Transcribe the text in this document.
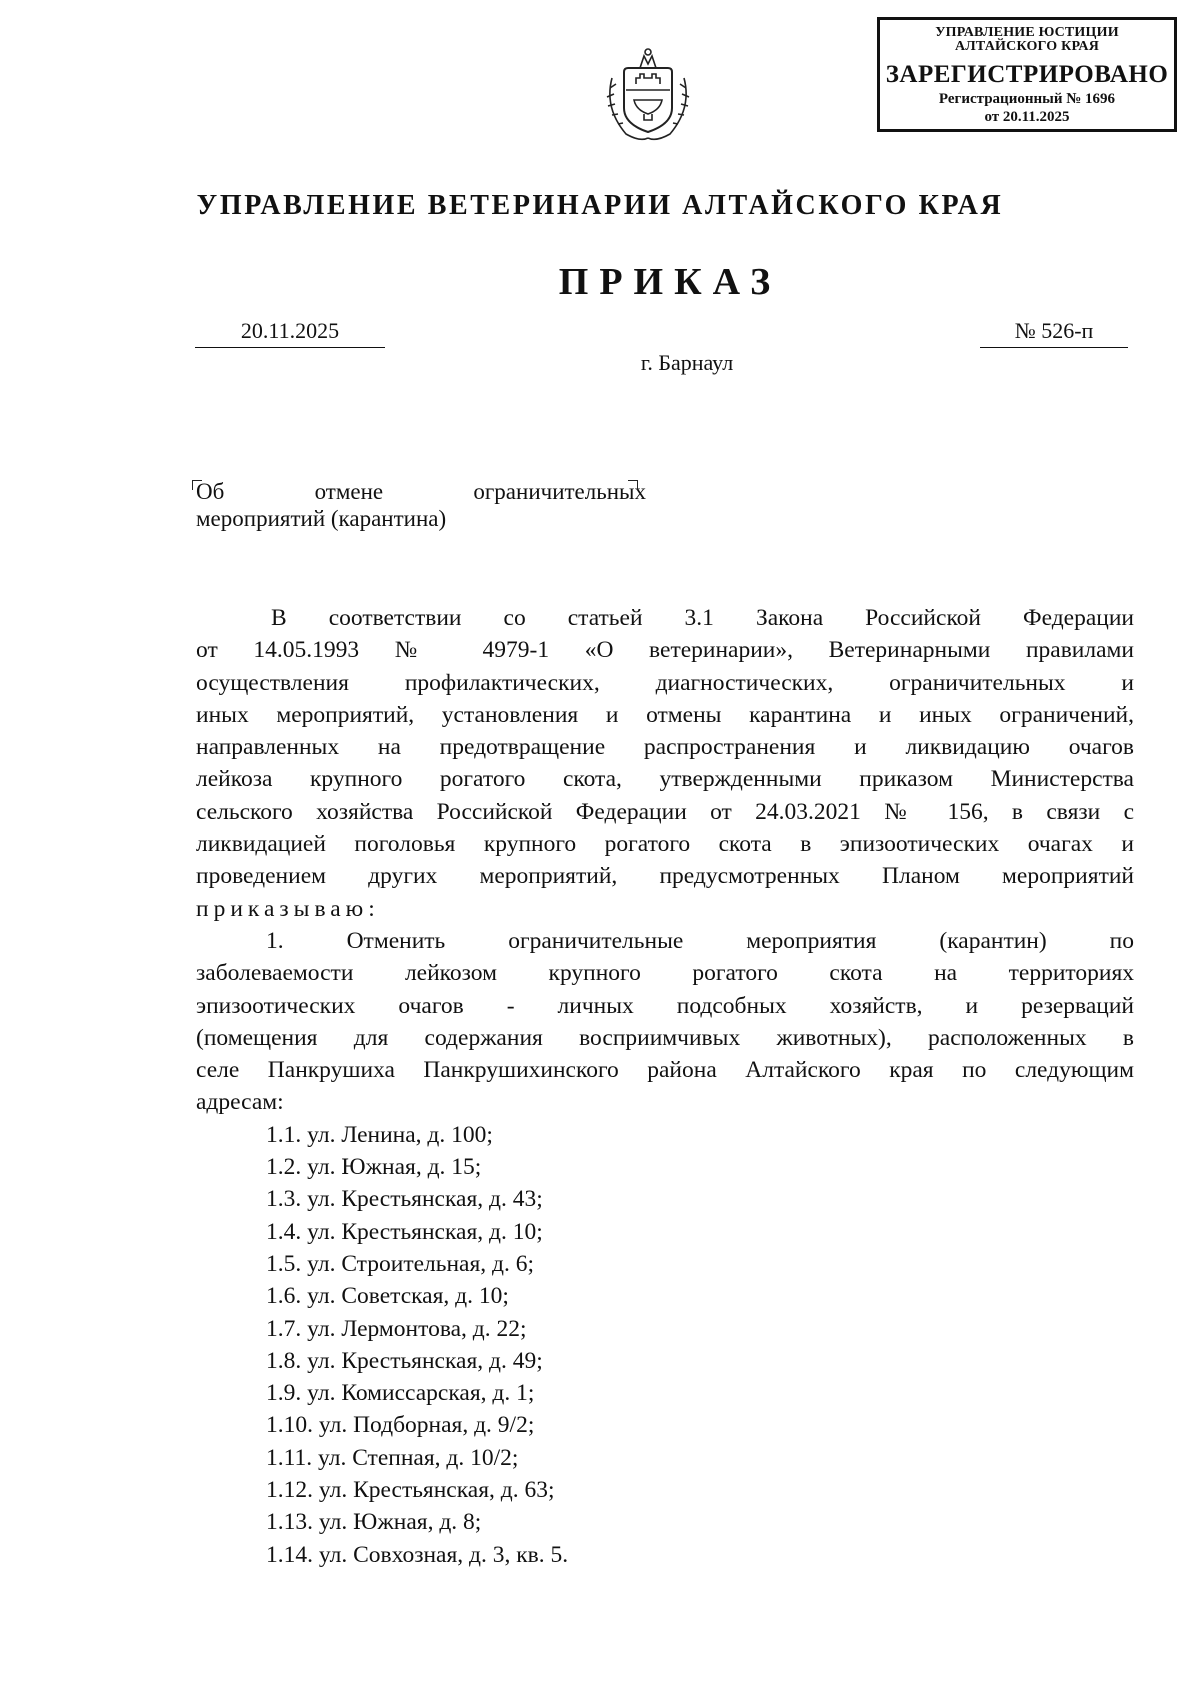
УПРАВЛЕНИЕ ЮСТИЦИИ
АЛТАЙСКОГО КРАЯ
ЗАРЕГИСТРИРОВАНО
Регистрационный № 1696
от 20.11.2025
УПРАВЛЕНИЕ ВЕТЕРИНАРИИ АЛТАЙСКОГО КРАЯ
ПРИКАЗ
20.11.2025	№ 526-п
г. Барнаул
Об	отмене	ограничительных
мероприятий (карантина)

В соответствии со статьей 3.1 Закона Российской Федерации

от 14.05.1993 № 4979-1 «О ветеринарии», Ветеринарными правилами

осуществления профилактических, диагностических, ограничительных и

иных мероприятий, установления и отмены карантина и иных ограничений,

направленных на предотвращение распространения и ликвидацию очагов

лейкоза крупного рогатого скота, утвержденными приказом Министерства

сельского хозяйства Российской Федерации от 24.03.2021 № 156, в связи с

ликвидацией поголовья крупного рогатого скота в эпизоотических очагах и

проведением других мероприятий, предусмотренных Планом мероприятий

приказываю:

1. Отменить ограничительные мероприятия (карантин) по

заболеваемости лейкозом крупного рогатого скота на территориях

эпизоотических очагов - личных подсобных хозяйств, и резерваций

(помещения для содержания восприимчивых животных), расположенных в

селе Панкрушиха Панкрушихинского района Алтайского края по следующим

адресам:

1.1. ул. Ленина, д. 100;
1.2. ул. Южная, д. 15;
1.3. ул. Крестьянская, д. 43;
1.4. ул. Крестьянская, д. 10;
1.5. ул. Строительная, д. 6;
1.6. ул. Советская, д. 10;
1.7. ул. Лермонтова, д. 22;
1.8. ул. Крестьянская, д. 49;
1.9. ул. Комиссарская, д. 1;
1.10. ул. Подборная, д. 9/2;
1.11. ул. Степная, д. 10/2;
1.12. ул. Крестьянская, д. 63;
1.13. ул. Южная, д. 8;
1.14. ул. Совхозная, д. 3, кв. 5.
